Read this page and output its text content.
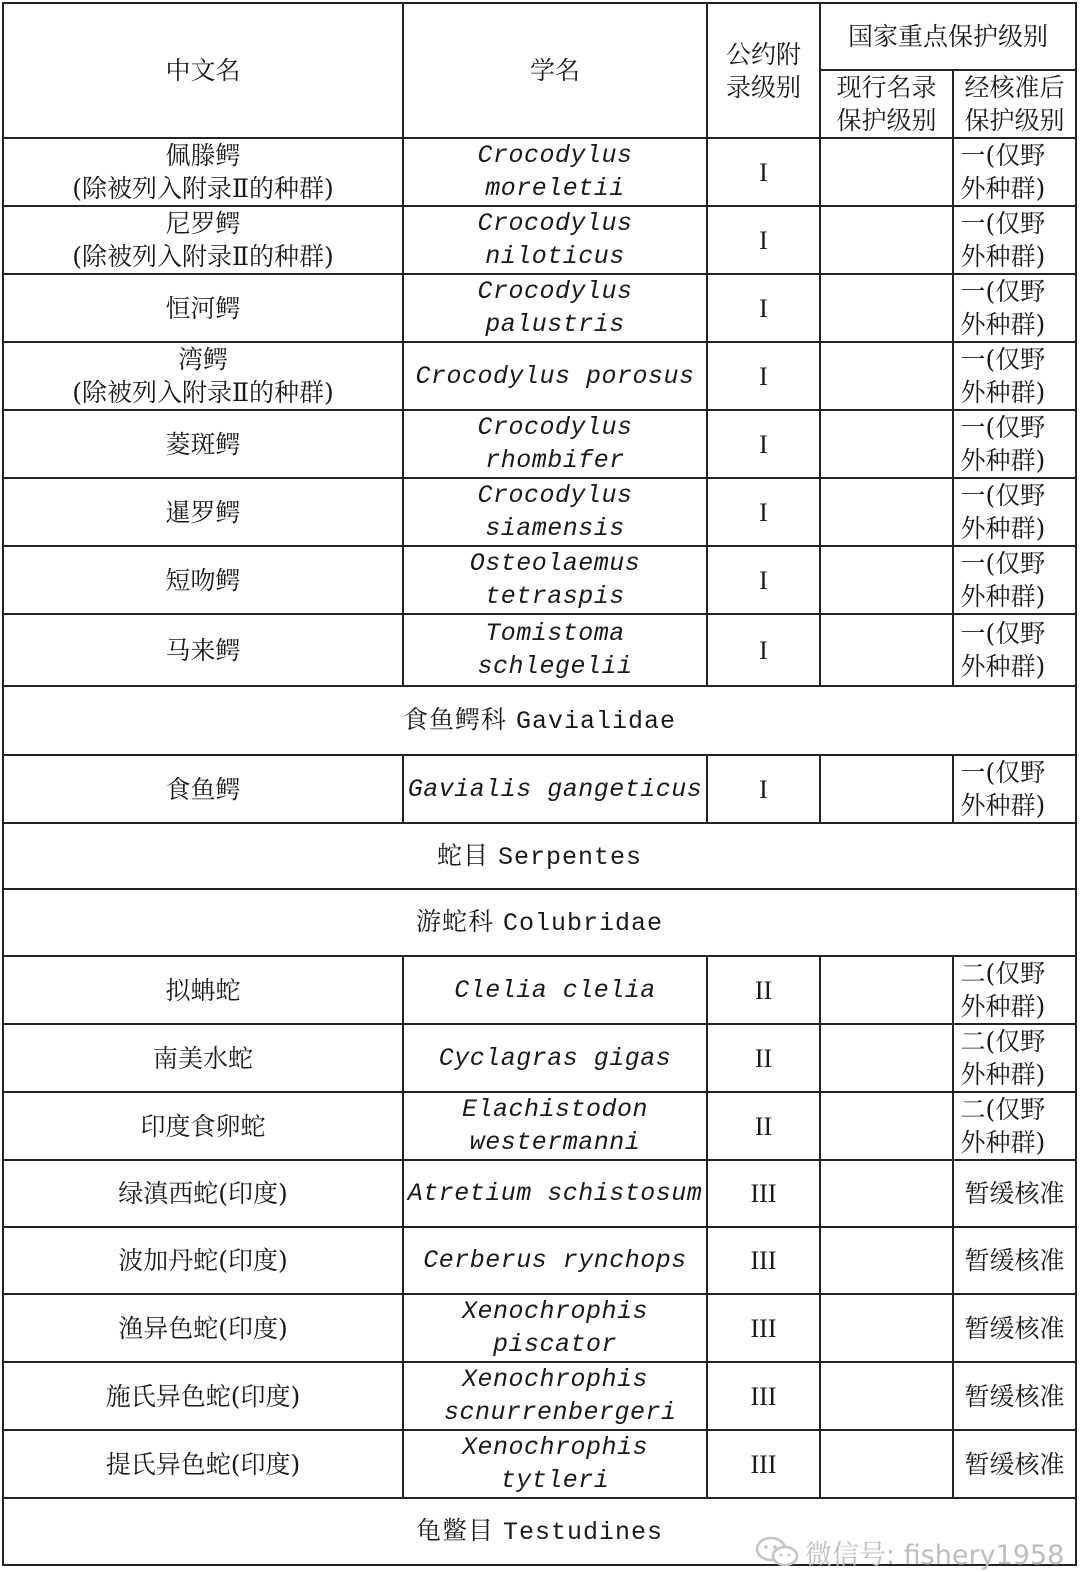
中文名	学名	公约附录级别	国家重点保护级别	

			现行名录保护级别	经核准后保护级别

佩滕鳄
(除被列入附录Ⅱ的种群)	Crocodylus moreletii	I		一(仅野外种群)

尼罗鳄
(除被列入附录Ⅱ的种群)	Crocodylus niloticus	I		一(仅野外种群)

恒河鳄	Crocodylus palustris	I		一(仅野外种群)

湾鳄
(除被列入附录Ⅱ的种群)	Crocodylus porosus	I		一(仅野外种群)

菱斑鳄	Crocodylus rhombifer	I		一(仅野外种群)

暹罗鳄	Crocodylus siamensis	I		一(仅野外种群)

短吻鳄	Osteolaemus tetraspis	I		一(仅野外种群)

马来鳄	Tomistoma schlegelii	I		一(仅野外种群)

食鱼鳄科 Gavialidae				

食鱼鳄	Gavialis gangeticus	I		一(仅野外种群)

蛇目 Serpentes				
游蛇科 Colubridae				

拟蚺蛇	Clelia clelia	II		二(仅野外种群)

南美水蛇	Cyclagras gigas	II		二(仅野外种群)

印度食卵蛇	Elachistodon westermanni	II		二(仅野外种群)

绿滇西蛇(印度)	Atretium schistosum	III		暂缓核准

波加丹蛇(印度)	Cerberus rynchops	III		暂缓核准

渔异色蛇(印度)	Xenochrophis piscator	III		暂缓核准

施氏异色蛇(印度)	Xenochrophis scnurrenbergeri	III		暂缓核准

提氏异色蛇(印度)	Xenochrophis tytleri	III		暂缓核准

龟鳖目 Testudines				
微信号: fishery1958
